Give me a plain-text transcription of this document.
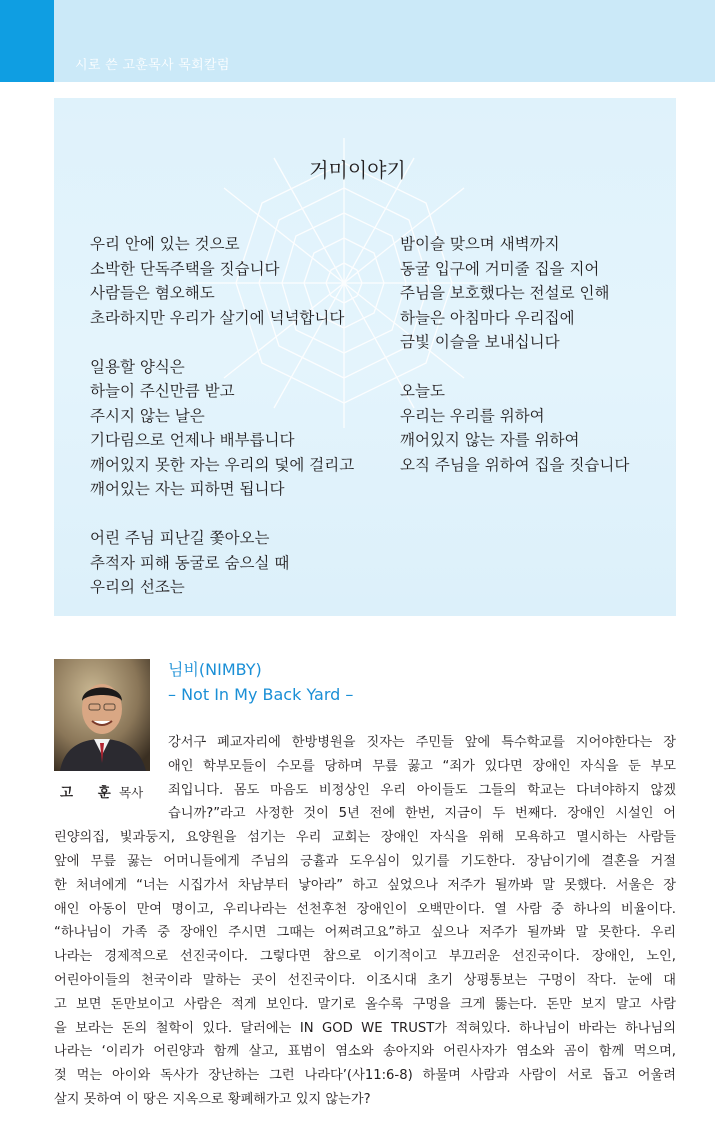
시로 쓴 고훈목사 목회칼럼
거미이야기
우리 안에 있는 것으로
소박한 단독주택을 짓습니다
사람들은 혐오해도
초라하지만 우리가 살기에 넉넉합니다
일용할 양식은
하늘이 주신만큼 받고
주시지 않는 날은
기다림으로 언제나 배부릅니다
깨어있지 못한 자는 우리의 덫에 걸리고
깨어있는 자는 피하면 됩니다
어린 주님 피난길 쫓아오는
추적자 피해 동굴로 숨으실 때
우리의 선조는
밤이슬 맞으며 새벽까지
동굴 입구에 거미줄 집을 지어
주님을 보호했다는 전설로 인해
하늘은 아침마다 우리집에
금빛 이슬을 보내십니다
오늘도
우리는 우리를 위하여
깨어있지 않는 자를 위하여
오직 주님을 위하여 집을 짓습니다
고 훈 목사
님비(NIMBY)
– Not In My Back Yard –
강서구 폐교자리에 한방병원을 짓자는 주민들 앞에 특수학교를 지어야한다는 장
애인 학부모들이 수모를 당하며 무릎 꿇고 “죄가 있다면 장애인 자식을 둔 부모
죄입니다. 몸도 마음도 비정상인 우리 아이들도 그들의 학교는 다녀야하지 않겠
습니까?”라고 사정한 것이 5년 전에 한번, 지금이 두 번째다. 장애인 시설인 어
린양의집, 빛과둥지, 요양원을 섬기는 우리 교회는 장애인 자식을 위해 모욕하고 멸시하는 사람들
앞에 무릎 꿇는 어머니들에게 주님의 긍휼과 도우심이 있기를 기도한다. 장남이기에 결혼을 거절
한 처녀에게 “너는 시집가서 차남부터 낳아라” 하고 싶었으나 저주가 될까봐 말 못했다. 서울은 장
애인 아동이 만여 명이고, 우리나라는 선천후천 장애인이 오백만이다. 열 사람 중 하나의 비율이다.
“하나님이 가족 중 장애인 주시면 그때는 어쩌려고요”하고 싶으나 저주가 될까봐 말 못한다. 우리
나라는 경제적으로 선진국이다. 그렇다면 참으로 이기적이고 부끄러운 선진국이다. 장애인, 노인,
어린아이들의 천국이라 말하는 곳이 선진국이다. 이조시대 초기 상평통보는 구멍이 작다. 눈에 대
고 보면 돈만보이고 사람은 적게 보인다. 말기로 올수록 구멍을 크게 뚫는다. 돈만 보지 말고 사람
을 보라는 돈의 철학이 있다. 달러에는 IN GOD WE TRUST가 적혀있다. 하나님이 바라는 하나님의
나라는 ‘이리가 어린양과 함께 살고, 표범이 염소와 송아지와 어린사자가 염소와 곰이 함께 먹으며,
젖 먹는 아이와 독사가 장난하는 그런 나라다’(사11:6-8) 하물며 사람과 사람이 서로 돕고 어울려
살지 못하여 이 땅은 지옥으로 황폐해가고 있지 않는가?
